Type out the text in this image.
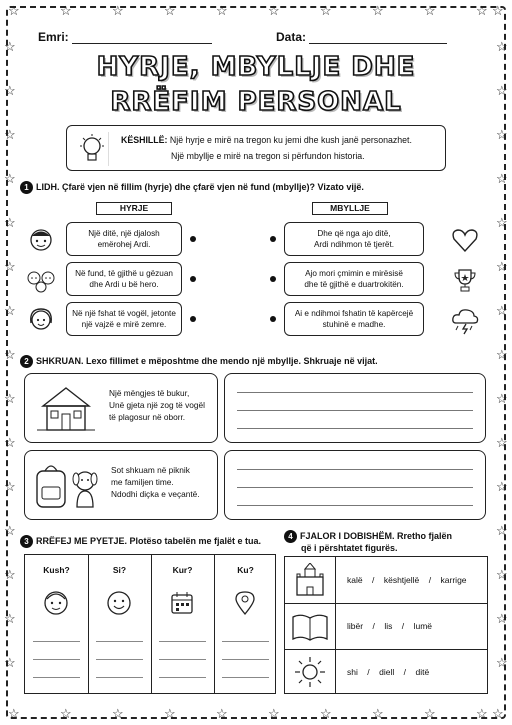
☆
☆
☆
☆
☆
☆
☆
☆
☆
☆
☆
☆
☆
☆
☆
☆
☆
☆
☆
☆
☆
☆
☆	☆
☆	☆
☆	☆
☆	☆
☆	☆
☆	☆
☆	☆
☆	☆
☆	☆
☆	☆
☆	☆
☆	☆
☆	☆
☆	☆
☆	☆
Emri:	Data:
HYRJE, MBYLLJE DHE
RRËFIM PERSONAL
KËSHILLË: Një hyrje e mirë na tregon ku jemi dhe kush janë personazhet.
Një mbyllje e mirë na tregon si përfundon historia.
1 LIDH. Çfarë vjen në fillim (hyrje) dhe çfarë vjen në fund (mbyllje)? Vizato vijë.
HYRJE	MBYLLJE
Një ditë, një djalosh
emërohej Ardi.
Në fund, të gjithë u gëzuan
dhe Ardi u bë hero.
Në një fshat të vogël, jetonte
një vajzë e mirë zemre.
Dhe që nga ajo ditë,
Ardi ndihmon të tjerët.
Ajo mori çmimin e mirësisë
dhe të gjithë e duartrokitën.
Ai e ndihmoi fshatin të kapërcejë
stuhinë e madhe.
2 SHKRUAN. Lexo fillimet e mëposhtme dhe mendo një mbyllje. Shkruaje në vijat.
Një mëngjes të bukur,
Unë gjeta një zog të vogël
të plagosur në oborr.
Sot shkuam në piknik
me familjen time.
Ndodhi diçka e veçantë.
3 RRËFEJ ME PYETJE. Plotëso tabelën me fjalët e tua.
Kush?	Si?	Kur?	Ku?
4 FJALOR I DOBISHËM. Rretho fjalën
që i përshtatet figurës.
kalë    /    kështjellë    /    karrige
libër    /    lis    /    lumë
shi    /    diell    /    ditë
